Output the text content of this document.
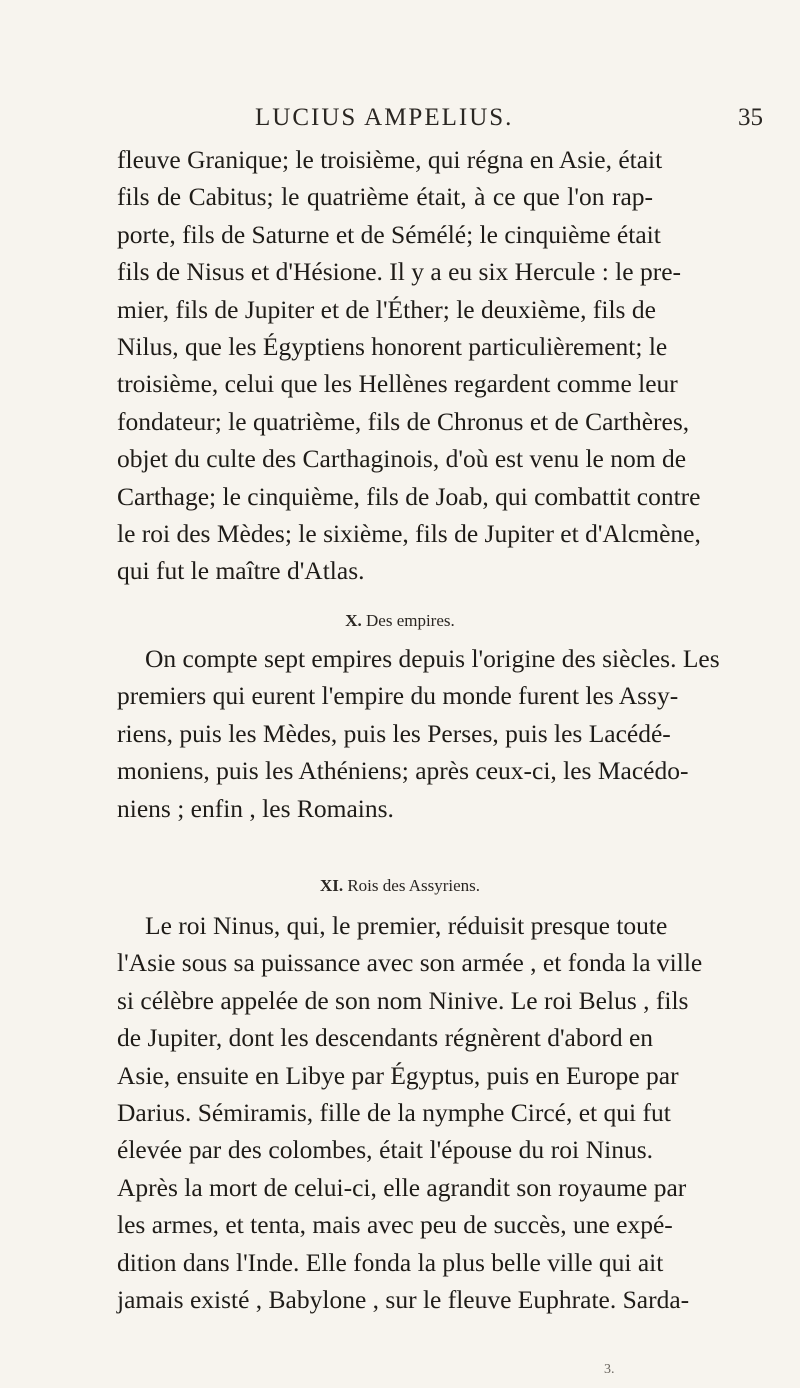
LUCIUS AMPELIUS.	35
fleuve Granique; le troisième, qui régna en Asie, était
fils de Cabitus; le quatrième était, à ce que l'on rap-
porte, fils de Saturne et de Sémélé; le cinquième était
fils de Nisus et d'Hésione. Il y a eu six Hercule : le pre-
mier, fils de Jupiter et de l'Éther; le deuxième, fils de
Nilus, que les Égyptiens honorent particulièrement; le
troisième, celui que les Hellènes regardent comme leur
fondateur; le quatrième, fils de Chronus et de Carthères,
objet du culte des Carthaginois, d'où est venu le nom de
Carthage; le cinquième, fils de Joab, qui combattit contre
le roi des Mèdes; le sixième, fils de Jupiter et d'Alcmène,
qui fut le maître d'Atlas.
X. Des empires.
On compte sept empires depuis l'origine des siècles. Les
premiers qui eurent l'empire du monde furent les Assy-
riens, puis les Mèdes, puis les Perses, puis les Lacédé-
moniens, puis les Athéniens; après ceux-ci, les Macédo-
niens ; enfin , les Romains.
XI. Rois des Assyriens.
Le roi Ninus, qui, le premier, réduisit presque toute
l'Asie sous sa puissance avec son armée , et fonda la ville
si célèbre appelée de son nom Ninive. Le roi Belus , fils
de Jupiter, dont les descendants régnèrent d'abord en
Asie, ensuite en Libye par Égyptus, puis en Europe par
Darius. Sémiramis, fille de la nymphe Circé, et qui fut
élevée par des colombes, était l'épouse du roi Ninus.
Après la mort de celui-ci, elle agrandit son royaume par
les armes, et tenta, mais avec peu de succès, une expé-
dition dans l'Inde. Elle fonda la plus belle ville qui ait
jamais existé , Babylone , sur le fleuve Euphrate. Sarda-
3.
